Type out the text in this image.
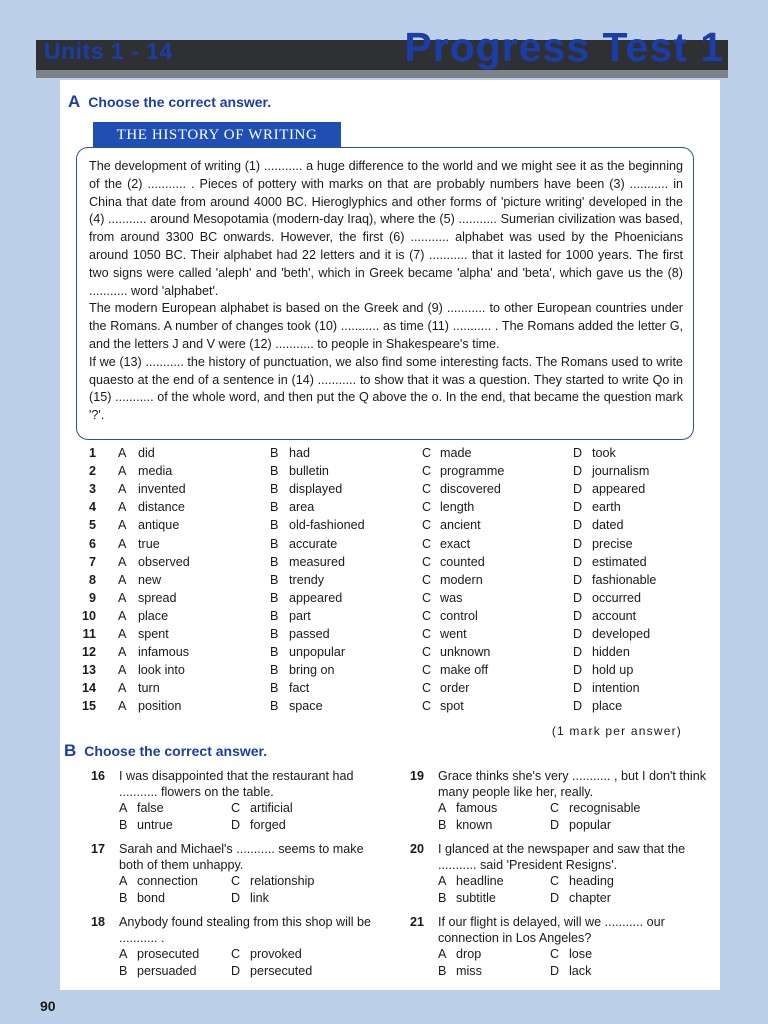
Units 1 - 14	Progress Test 1
A Choose the correct answer.
THE HISTORY OF WRITING

The development of writing (1) ........... a huge difference to the world and we might see it as the beginning of the (2) ........... . Pieces of pottery with marks on that are probably numbers have been (3) ........... in China that date from around 4000 BC. Hieroglyphics and other forms of 'picture writing' developed in the (4) ........... around Mesopotamia (modern-day Iraq), where the (5) ........... Sumerian civilization was based, from around 3300 BC onwards. However, the first (6) ........... alphabet was used by the Phoenicians around 1050 BC. Their alphabet had 22 letters and it is (7) ........... that it lasted for 1000 years. The first two signs were called 'aleph' and 'beth', which in Greek became 'alpha' and 'beta', which gave us the (8) ........... word 'alphabet'.

The modern European alphabet is based on the Greek and (9) ........... to other European countries under the Romans. A number of changes took (10) ........... as time (11) ........... . The Romans added the letter G, and the letters J and V were (12) ........... to people in Shakespeare's time.

If we (13) ........... the history of punctuation, we also find some interesting facts. The Romans used to write quaesto at the end of a sentence in (14) ........... to show that it was a question. They started to write Qo in (15) ........... of the whole word, and then put the Q above the o. In the end, that became the question mark '?'.

1 A did	B had	C made	D took
2 A media	B bulletin	C programme	D journalism
3 A invented	B displayed	C discovered	D appeared
4 A distance	B area	C length	D earth
5 A antique	B old-fashioned	C ancient	D dated
6 A true	B accurate	C exact	D precise
7 A observed	B measured	C counted	D estimated
8 A new	B trendy	C modern	D fashionable
9 A spread	B appeared	C was	D occurred
10 A place	B part	C control	D account
11 A spent	B passed	C went	D developed
12 A infamous	B unpopular	C unknown	D hidden
13 A look into	B bring on	C make off	D hold up
14 A turn	B fact	C order	D intention
15 A position	B space	C spot	D place
(1 mark per answer)
B Choose the correct answer.
16 I was disappointed that the restaurant had ........... flowers on the table.
A false	C artificial
B untrue	D forged
17 Sarah and Michael's ........... seems to make both of them unhappy.
A connection	C relationship
B bond	D link
18 Anybody found stealing from this shop will be ........... .
A prosecuted	C provoked
B persuaded	D persecuted
19 Grace thinks she's very ........... , but I don't think many people like her, really.
A famous	C recognisable
B known	D popular
20 I glanced at the newspaper and saw that the ........... said 'President Resigns'.
A headline	C heading
B subtitle	D chapter
21 If our flight is delayed, will we ........... our connection in Los Angeles?
A drop	C lose
B miss	D lack
90
